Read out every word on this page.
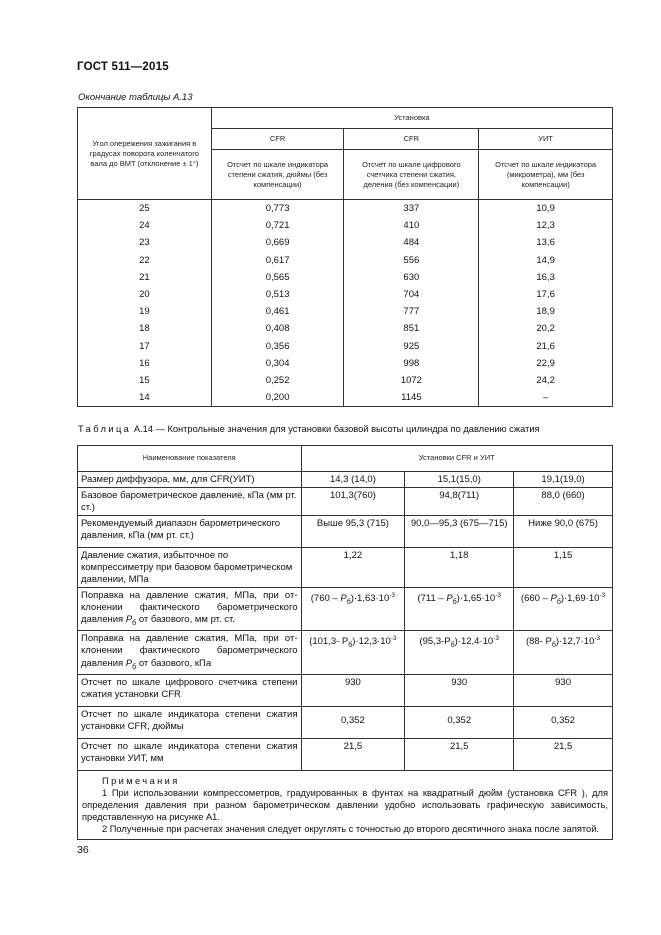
ГОСТ 511—2015
Окончание таблицы А.13
Угол опережения зажигания в градусах поворота коленчатого вала до ВМТ (отклонение ± 1°)	Установка		
	CFR	CFR	УИТ
	Отсчет по шкале индикатора степени сжатия, дюймы (без компенсации)	Отсчет по шкале цифрового счетчика степени сжатия, деления (без компенсации)	Отсчет по шкале индикатора (микрометра), мм (без компенсации)
25	0,773	337	10,9
24	0,721	410	12,3
23	0,669	484	13,6
22	0,617	556	14,9
21	0,565	630	16,3
20	0,513	704	17,6
19	0,461	777	18,9
18	0,408	851	20,2
17	0,356	925	21,6
16	0,304	998	22,9
15	0,252	1072	24,2
14	0,200	1145	–
Таблица А.14 — Контрольные значения для установки базовой высоты цилиндра по давлению сжатия
Наименование показателя	Установки CFR и УИТ		
Размер диффузора, мм, для CFR(УИТ)	14,3 (14,0)	15,1(15,0)	19,1(19,0)
Базовое барометрическое давление, кПа (мм рт. ст.)	101,3(760)	94,8(711)	88,0 (660)
Рекомендуемый диапазон барометрического давления, кПа (мм рт. ст.)	Выше 95,3 (715)	90,0—95,3 (675—715)	Ниже 90,0 (675)
Давление сжатия, избыточное по компрессиметру при базовом барометрическом давлении, МПа	1,22	1,18	1,15
Поправка на давление сжатия, МПа, при отклонении фактического барометрического давления $P_б$ от базового, мм рт. ст.	$(760 - P_б)\cdot 1,63\cdot 10^{-3}$	$(711 - P_б)\cdot 1,65\cdot 10^{-3}$	$(660 - P_б)\cdot 1,69\cdot 10^{-3}$
Поправка на давление сжатия, МПа, при отклонении фактического барометрического давления $P_б$ от базового, кПа	(101,3- $P_б)\cdot 12,3\cdot 10^{-3}$	$(95,3-P_б)\cdot 12,4\cdot 10^{-3}$	(88- $P_б)\cdot 12,7\cdot 10^{-3}$
Отсчет по шкале цифрового счетчика степени сжатия установки CFR	930	930	930
Отсчет по шкале индикатора степени сжатия установки CFR, дюймы	0,352	0,352	0,352
Отсчет по шкале индикатора степени сжатия установки УИТ, мм	21,5	21,5	21,5

Примечания
1 При использовании компрессометров, градуированных в фунтах на квадратный дюйм (установка CFR ), для определения давления при разном барометрическом давлении удобно использовать графическую зависимость, представленную на рисунке А1.
2 Полученные при расчетах значения следует округлять с точностью до второго десятичного знака после запятой.			
36
